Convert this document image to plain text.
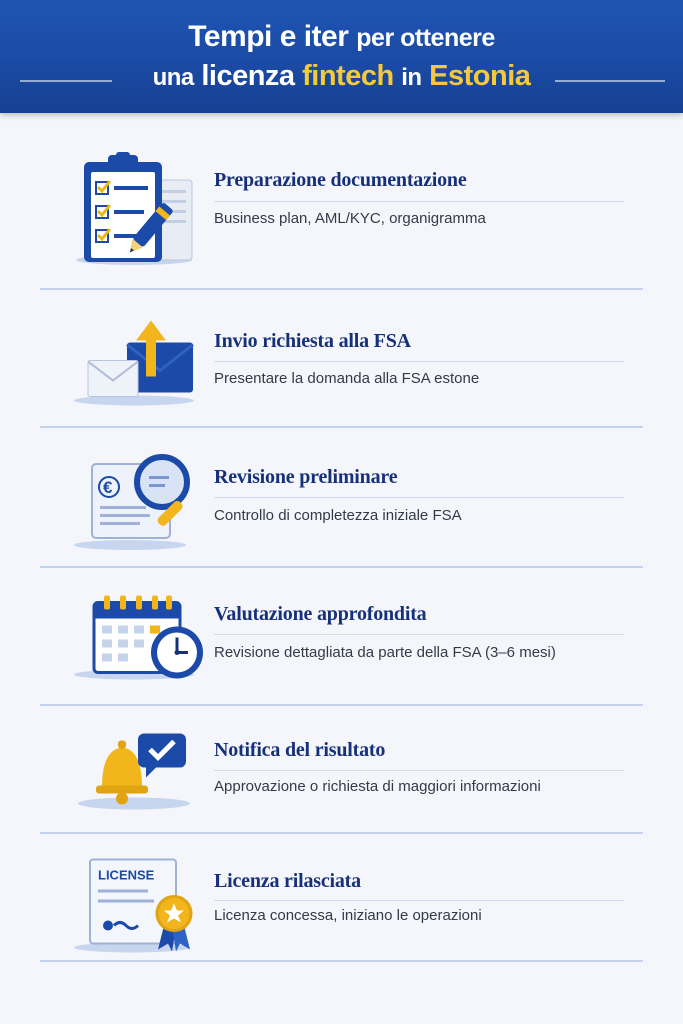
Tempi e iter per ottenere
una licenza fintech in Estonia
Preparazione documentazione
Business plan, AML/KYC, organigramma
Invio richiesta alla FSA
Presentare la domanda alla FSA estone
€	Revisione preliminare
Controllo di completezza iniziale FSA
Valutazione approfondita
Revisione dettagliata da parte della FSA (3–6 mesi)
Notifica del risultato
Approvazione o richiesta di maggiori informazioni
LICENSE	Licenza rilasciata
Licenza concessa, iniziano le operazioni
